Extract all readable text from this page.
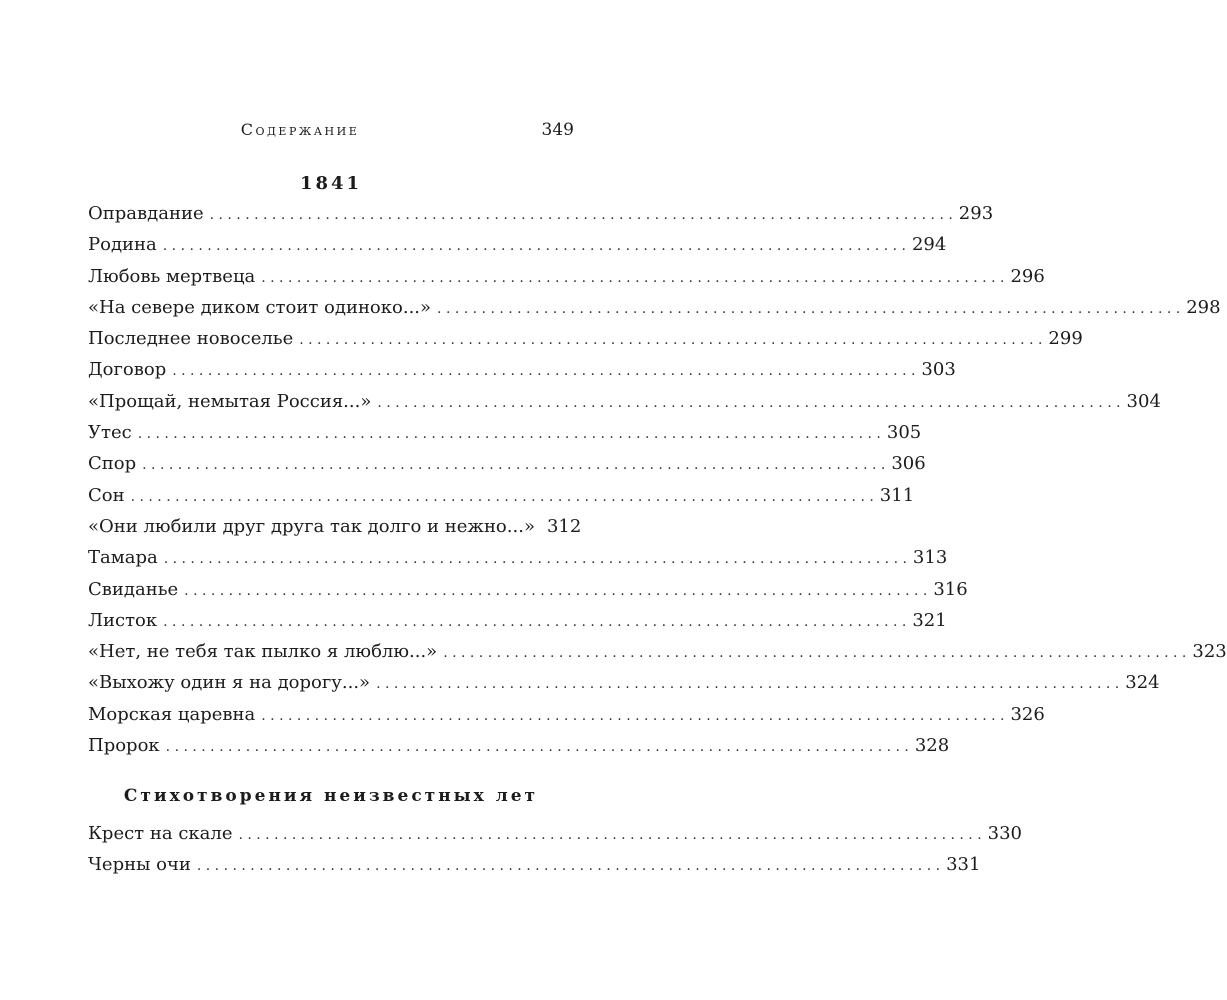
Содержание	349
1841
Оправдание . . .	293
Родина . . .	294
Любовь мертвеца . . .	296
«На севере диком стоит одиноко...» . . .	298
Последнее новоселье . . .	299
Договор . . .	303
«Прощай, немытая Россия...» . . .	304
Утес . . .	305
Спор . . .	306
Сон . . .	311
«Они любили друг друга так долго и нежно...» 312
Тамара . . .	313
Свиданье . . .	316
Листок . . .	321
«Нет, не тебя так пылко я люблю...» . . .	323
«Выхожу один я на дорогу...» . . .	324
Морская царевна . . .	326
Пророк . . .	328
Стихотворения неизвестных лет
Крест на скале . . .	330
Черны очи . . .	331
